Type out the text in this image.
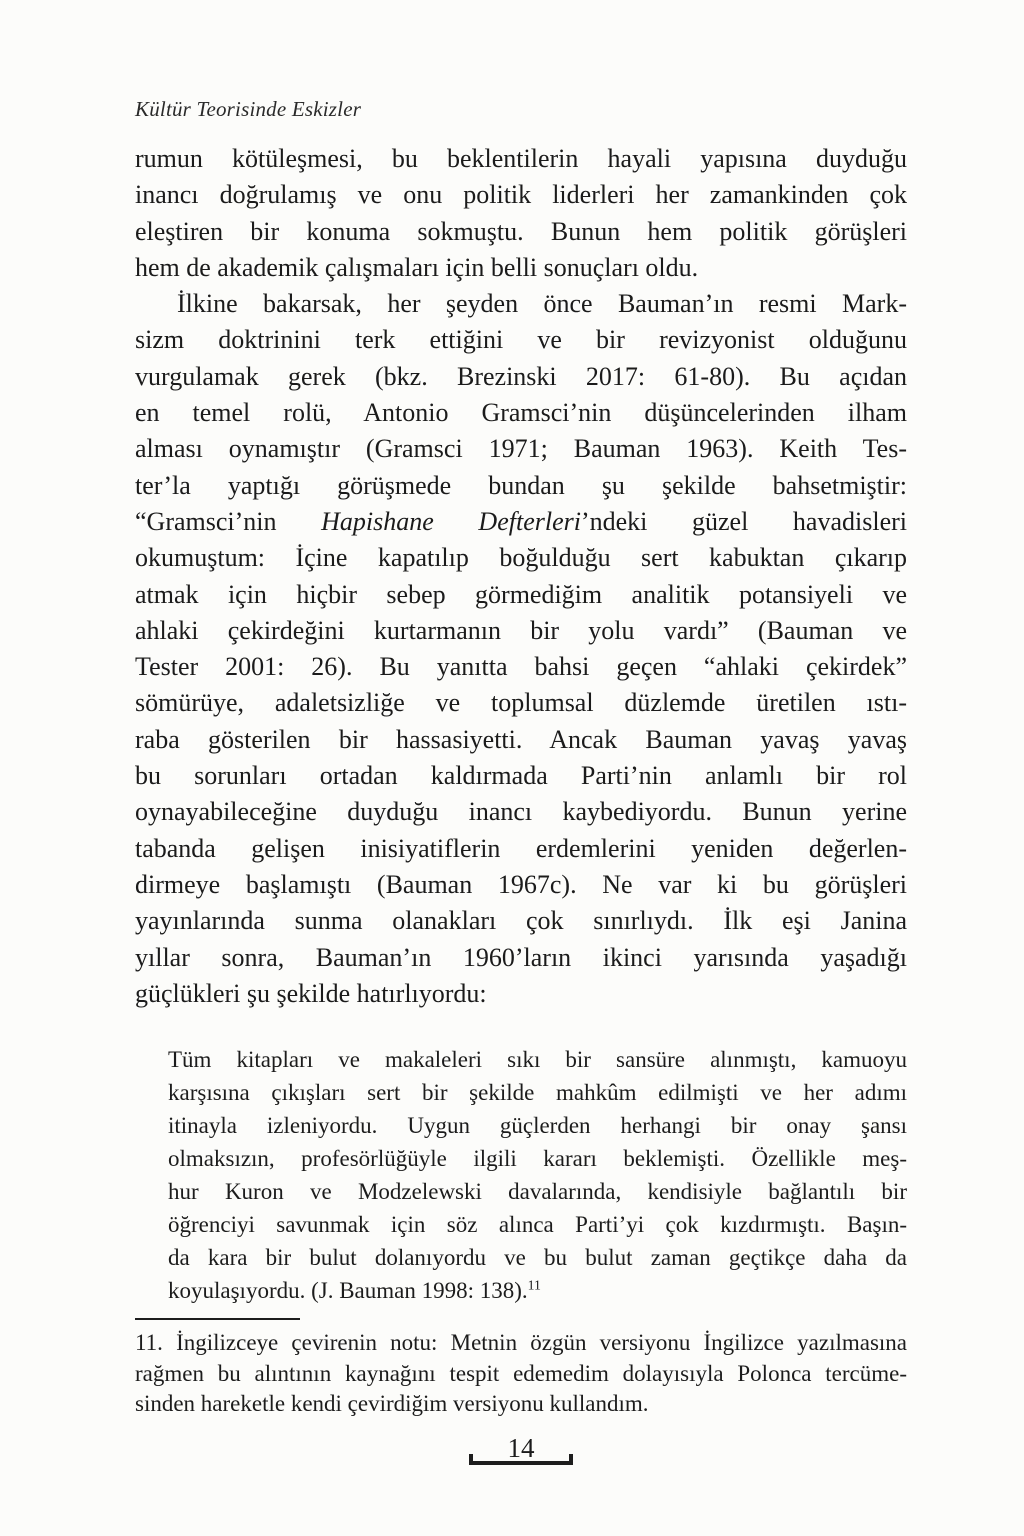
Kültür Teorisinde Eskizler
rumun kötüleşmesi, bu beklentilerin hayali yapısına duyduğu
inancı doğrulamış ve onu politik liderleri her zamankinden çok
eleştiren bir konuma sokmuştu. Bunun hem politik görüşleri
hem de akademik çalışmaları için belli sonuçları oldu.
İlkine bakarsak, her şeyden önce Bauman’ın resmi Mark-
sizm doktrinini terk ettiğini ve bir revizyonist olduğunu
vurgulamak gerek (bkz. Brezinski 2017: 61-80). Bu açıdan
en temel rolü, Antonio Gramsci’nin düşüncelerinden ilham
alması oynamıştır (Gramsci 1971; Bauman 1963). Keith Tes-
ter’la yaptığı görüşmede bundan şu şekilde bahsetmiştir:
“Gramsci’nin Hapishane Defterleri’ndeki güzel havadisleri
okumuştum: İçine kapatılıp boğulduğu sert kabuktan çıkarıp
atmak için hiçbir sebep görmediğim analitik potansiyeli ve
ahlaki çekirdeğini kurtarmanın bir yolu vardı” (Bauman ve
Tester 2001: 26). Bu yanıtta bahsi geçen “ahlaki çekirdek”
sömürüye, adaletsizliğe ve toplumsal düzlemde üretilen ıstı-
raba gösterilen bir hassasiyetti. Ancak Bauman yavaş yavaş
bu sorunları ortadan kaldırmada Parti’nin anlamlı bir rol
oynayabileceğine duyduğu inancı kaybediyordu. Bunun yerine
tabanda gelişen inisiyatiflerin erdemlerini yeniden değerlen-
dirmeye başlamıştı (Bauman 1967c). Ne var ki bu görüşleri
yayınlarında sunma olanakları çok sınırlıydı. İlk eşi Janina
yıllar sonra, Bauman’ın 1960’ların ikinci yarısında yaşadığı
güçlükleri şu şekilde hatırlıyordu:
Tüm kitapları ve makaleleri sıkı bir sansüre alınmıştı, kamuoyu
karşısına çıkışları sert bir şekilde mahkûm edilmişti ve her adımı
itinayla izleniyordu. Uygun güçlerden herhangi bir onay şansı
olmaksızın, profesörlüğüyle ilgili kararı beklemişti. Özellikle meş-
hur Kuron ve Modzelewski davalarında, kendisiyle bağlantılı bir
öğrenciyi savunmak için söz alınca Parti’yi çok kızdırmıştı. Başın-
da kara bir bulut dolanıyordu ve bu bulut zaman geçtikçe daha da
koyulaşıyordu. (J. Bauman 1998: 138).$^{11}$
11. İngilizceye çevirenin notu: Metnin özgün versiyonu İngilizce yazılmasına
rağmen bu alıntının kaynağını tespit edemedim dolayısıyla Polonca tercüme-
sinden hareketle kendi çevirdiğim versiyonu kullandım.
14
